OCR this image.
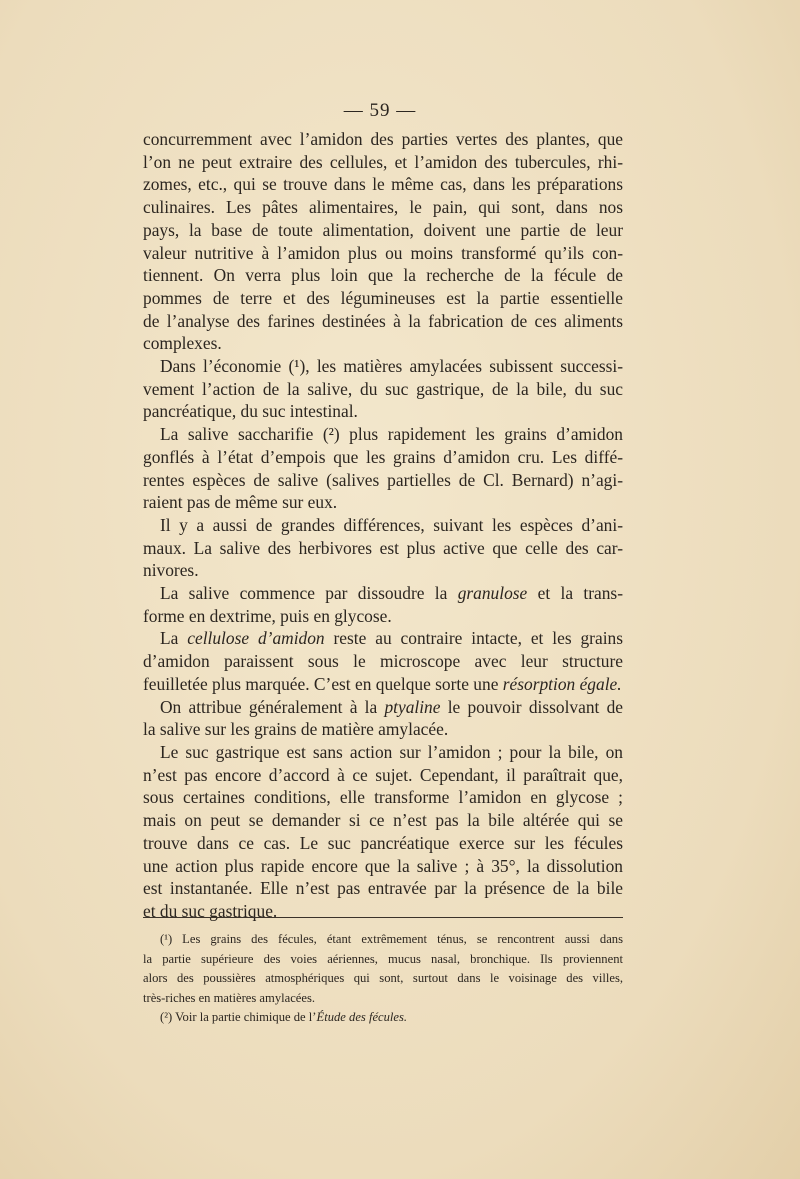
— 59 —
concurremment avec l’amidon des parties vertes des plantes, que
l’on ne peut extraire des cellules, et l’amidon des tubercules, rhi-
zomes, etc., qui se trouve dans le même cas, dans les préparations
culinaires. Les pâtes alimentaires, le pain, qui sont, dans nos
pays, la base de toute alimentation, doivent une partie de leur
valeur nutritive à l’amidon plus ou moins transformé qu’ils con-
tiennent. On verra plus loin que la recherche de la fécule de
pommes de terre et des légumineuses est la partie essentielle
de l’analyse des farines destinées à la fabrication de ces aliments
complexes.
Dans l’économie (¹), les matières amylacées subissent successi-
vement l’action de la salive, du suc gastrique, de la bile, du suc
pancréatique, du suc intestinal.
La salive saccharifie (²) plus rapidement les grains d’amidon
gonflés à l’état d’empois que les grains d’amidon cru. Les diffé-
rentes espèces de salive (salives partielles de Cl. Bernard) n’agi-
raient pas de même sur eux.
Il y a aussi de grandes différences, suivant les espèces d’ani-
maux. La salive des herbivores est plus active que celle des car-
nivores.
La salive commence par dissoudre la granulose et la trans-
forme en dextrime, puis en glycose.
La cellulose d’amidon reste au contraire intacte, et les grains
d’amidon paraissent sous le microscope avec leur structure
feuilletée plus marquée. C’est en quelque sorte une résorption égale.
On attribue généralement à la ptyaline le pouvoir dissolvant de
la salive sur les grains de matière amylacée.
Le suc gastrique est sans action sur l’amidon ; pour la bile, on
n’est pas encore d’accord à ce sujet. Cependant, il paraîtrait que,
sous certaines conditions, elle transforme l’amidon en glycose ;
mais on peut se demander si ce n’est pas la bile altérée qui se
trouve dans ce cas. Le suc pancréatique exerce sur les fécules
une action plus rapide encore que la salive ; à 35°, la dissolution
est instantanée. Elle n’est pas entravée par la présence de la bile
et du suc gastrique.
(¹) Les grains des fécules, étant extrêmement ténus, se rencontrent aussi dans
la partie supérieure des voies aériennes, mucus nasal, bronchique. Ils proviennent
alors des poussières atmosphériques qui sont, surtout dans le voisinage des villes,
très-riches en matières amylacées.
(²) Voir la partie chimique de l’Étude des fécules.
